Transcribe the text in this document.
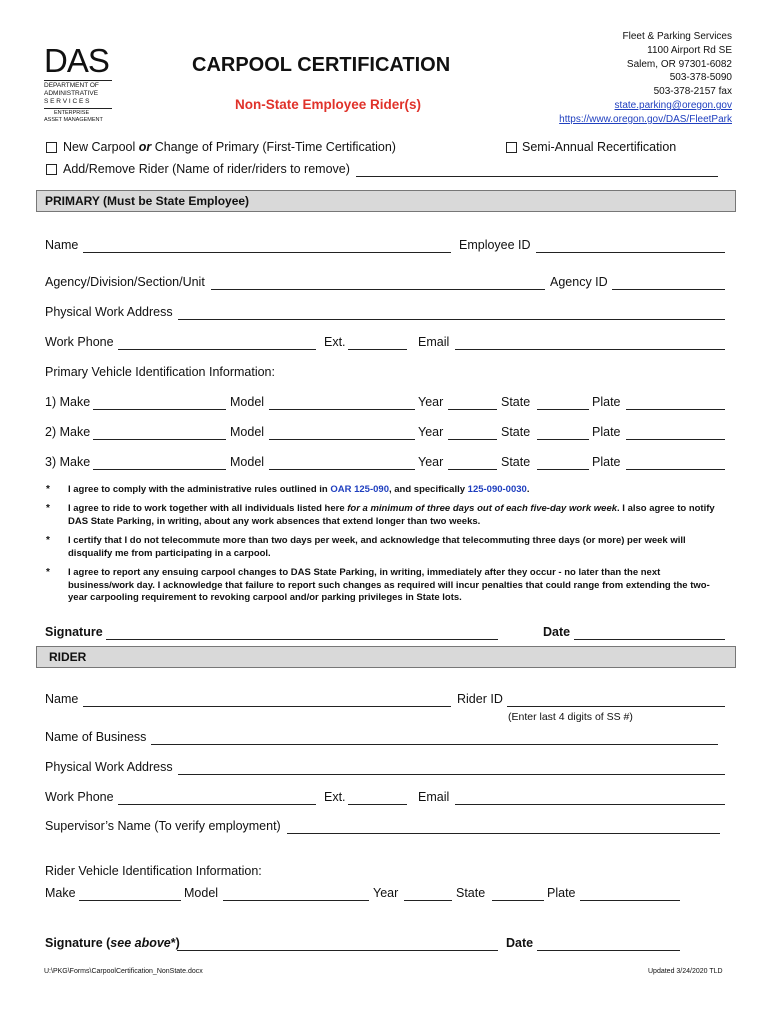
DAS
DEPARTMENT OF
ADMINISTRATIVE
S E R V I C E S
ENTERPRISE
ASSET MANAGEMENT
CARPOOL CERTIFICATION
Non-State Employee Rider(s)
Fleet & Parking Services
1100 Airport Rd SE
Salem, OR 97301-6082
503-378-5090
503-378-2157 fax
state.parking@oregon.gov
https://www.oregon.gov/DAS/FleetPark
New Carpool or Change of Primary (First-Time Certification)	Semi-Annual Recertification
Add/Remove Rider (Name of rider/riders to remove)
PRIMARY (Must be State Employee)
Name	Employee ID
Agency/Division/Section/Unit	Agency ID
Physical Work Address
Work Phone	Ext.	Email
Primary Vehicle Identification Information:
1) Make	Model	Year	State	Plate
2) Make	Model	Year	State	Plate
3) Make	Model	Year	State	Plate
* I agree to comply with the administrative rules outlined in OAR 125-090, and specifically 125-090-0030.
* I agree to ride to work together with all individuals listed here for a minimum of three days out of each five-day work week. I also agree to notify DAS State Parking, in writing, about any work absences that extend longer than two weeks.
* I certify that I do not telecommute more than two days per week, and acknowledge that telecommuting three days (or more) per week will disqualify me from participating in a carpool.
* I agree to report any ensuing carpool changes to DAS State Parking, in writing, immediately after they occur - no later than the next business/work day. I acknowledge that failure to report such changes as required will incur penalties that could range from extending the two-year carpooling requirement to revoking carpool and/or parking privileges in State lots.
Signature	Date
RIDER
Name	Rider ID
(Enter last 4 digits of SS #)
Name of Business
Physical Work Address
Work Phone	Ext.	Email
Supervisor’s Name (To verify employment)
Rider Vehicle Identification Information:
Make	Model	Year	State	Plate
Signature (see above*)	Date
U:\PKG\Forms\CarpoolCertification_NonState.docx	Updated 3/24/2020 TLD
